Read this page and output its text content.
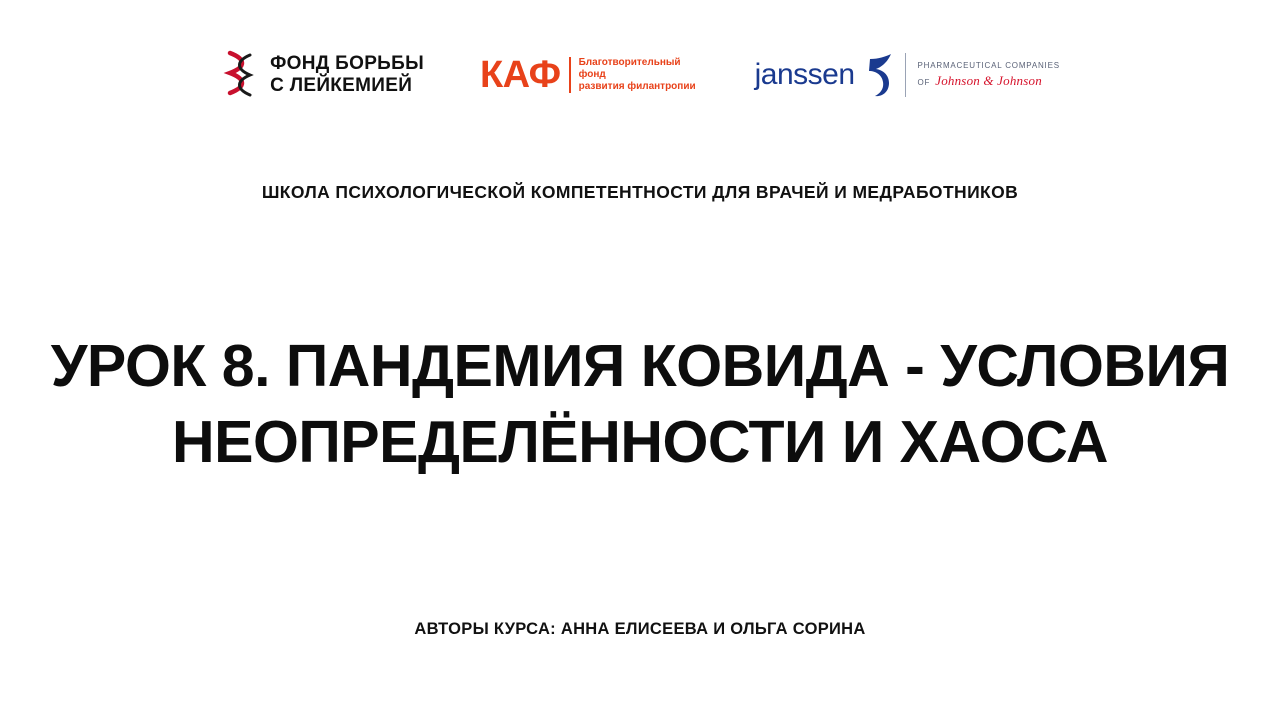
ФОНД БОРЬБЫ
С ЛЕЙКЕМИЕЙ	КАФ Благотворительный фонд
развития филантропии janssen	PHARMACEUTICAL COMPANIES
OF Johnson & Johnson
ШКОЛА ПСИХОЛОГИЧЕСКОЙ КОМПЕТЕНТНОСТИ ДЛЯ ВРАЧЕЙ И МЕДРАБОТНИКОВ
УРОК 8. ПАНДЕМИЯ КОВИДА - УСЛОВИЯ НЕОПРЕДЕЛЁННОСТИ И ХАОСА
АВТОРЫ КУРСА: АННА ЕЛИСЕЕВА И ОЛЬГА СОРИНА
